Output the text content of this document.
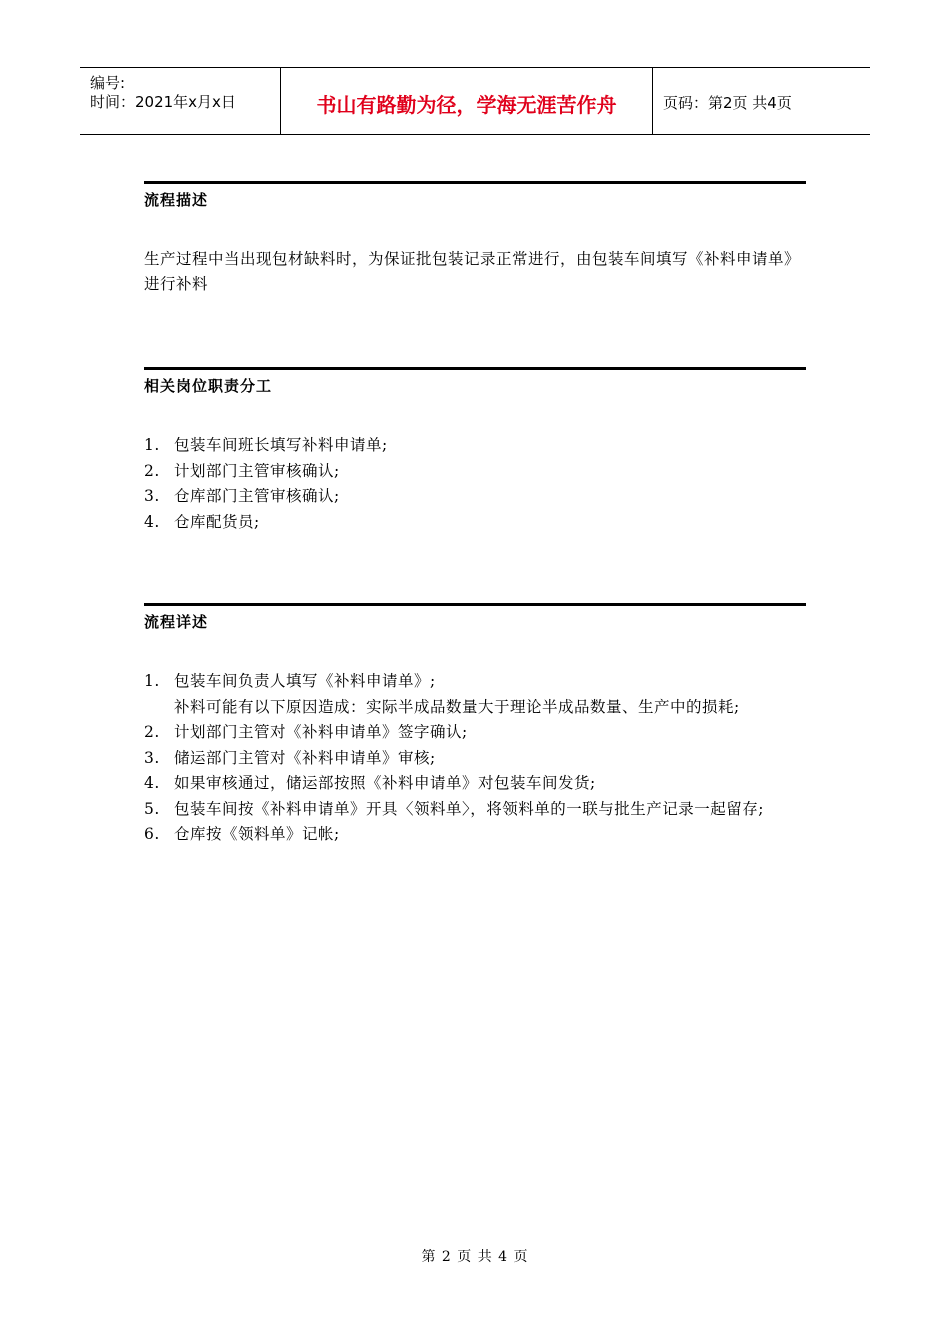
编号:
时间：2021年x月x日	书山有路勤为径，学海无涯苦作舟	页码：第2页 共4页
流程描述
生产过程中当出现包材缺料时，为保证批包装记录正常进行，由包装车间填写《补料申请单》进行补料
相关岗位职责分工
1. 包装车间班长填写补料申请单;
2. 计划部门主管审核确认;
3. 仓库部门主管审核确认;
4. 仓库配货员;
流程详述
1. 包装车间负责人填写《补料申请单》;
补料可能有以下原因造成：实际半成品数量大于理论半成品数量、生产中的损耗;
2. 计划部门主管对《补料申请单》签字确认;
3. 储运部门主管对《补料申请单》审核;
4. 如果审核通过，储运部按照《补料申请单》对包装车间发货;
5. 包装车间按《补料申请单》开具〈领料单〉，将领料单的一联与批生产记录一起留存;
6. 仓库按《领料单》记帐;
第 2 页 共 4 页
